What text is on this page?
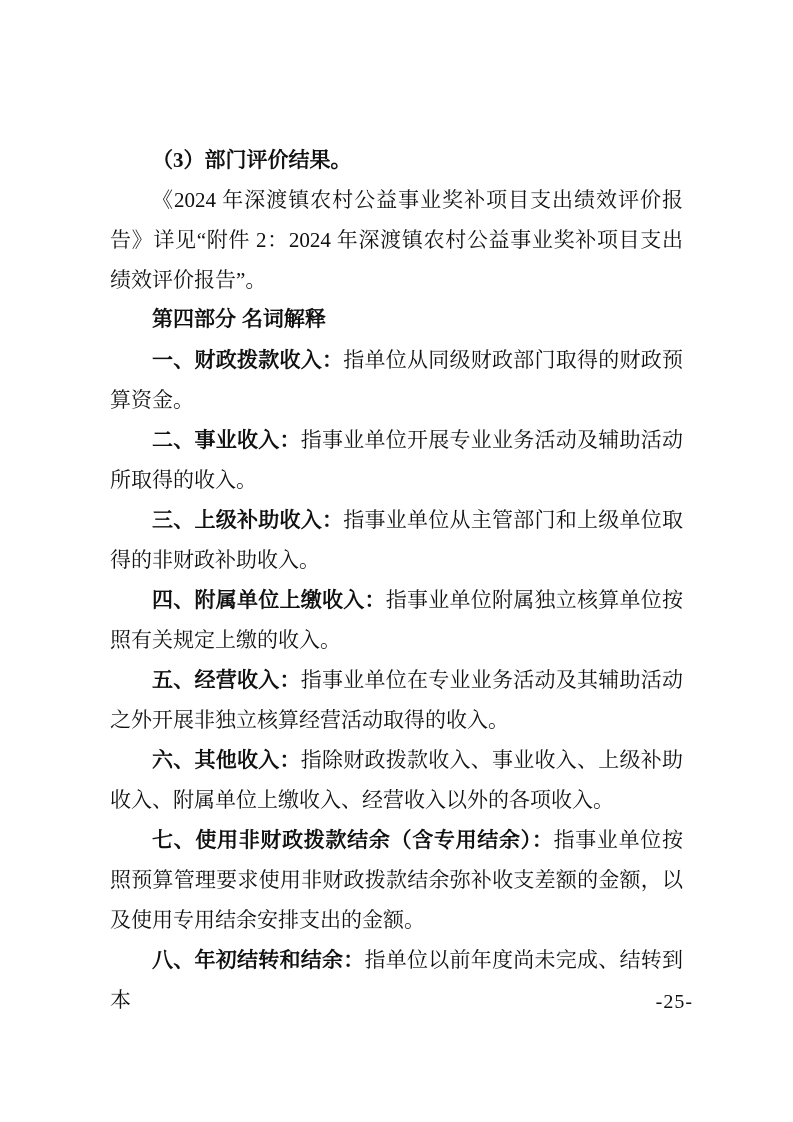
（3）部门评价结果。

《2024 年深渡镇农村公益事业奖补项目支出绩效评价报告》详见“附件 2：2024 年深渡镇农村公益事业奖补项目支出绩效评价报告”。

第四部分 名词解释

一、财政拨款收入：指单位从同级财政部门取得的财政预算资金。

二、事业收入：指事业单位开展专业业务活动及辅助活动所取得的收入。

三、上级补助收入：指事业单位从主管部门和上级单位取得的非财政补助收入。

四、附属单位上缴收入：指事业单位附属独立核算单位按照有关规定上缴的收入。

五、经营收入：指事业单位在专业业务活动及其辅助活动之外开展非独立核算经营活动取得的收入。

六、其他收入：指除财政拨款收入、事业收入、上级补助收入、附属单位上缴收入、经营收入以外的各项收入。

七、使用非财政拨款结余（含专用结余）：指事业单位按照预算管理要求使用非财政拨款结余弥补收支差额的金额，以及使用专用结余安排支出的金额。

八、年初结转和结余：指单位以前年度尚未完成、结转到本	-25-
